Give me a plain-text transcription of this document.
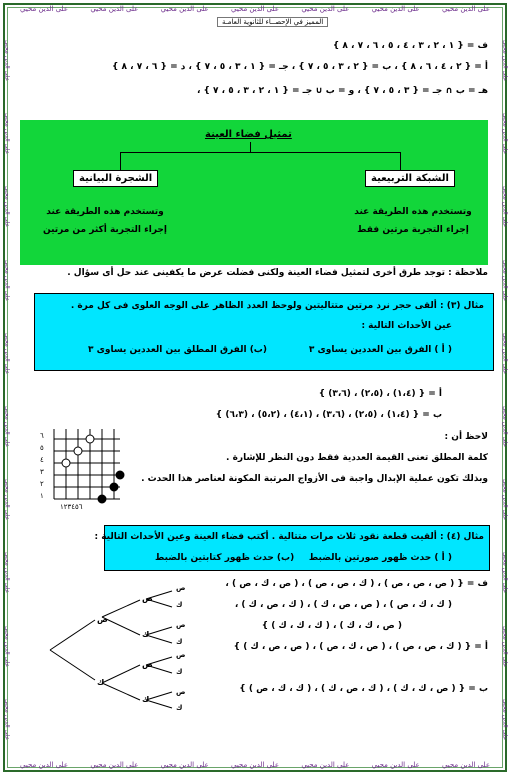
على الدين محيي	على الدين محيي	على الدين محيي	على الدين محيي	على الدين محيي	على الدين محيي	على الدين محيي
على الدين محيي	على الدين محيي	على الدين محيي	على الدين محيي	على الدين محيي	على الدين محيي	على الدين محيي
على الدين محيي
على الدين محيي
على الدين محيي
على الدين محيي
على الدين محيي
على الدين محيي
على الدين محيي
على الدين محيي
على الدين محيي
على الدين محيي
على الدين محيي
على الدين محيي
على الدين محيي
على الدين محيي
على الدين محيي
على الدين محيي
على الدين محيي
على الدين محيي
على الدين محيي
على الدين محيي
المميز في الإحصــاء للثانوية العامـة
ف = { ١ ، ٢ ، ٣ ، ٤ ، ٥ ، ٦ ، ٧ ، ٨ }
أ = { ٢ ، ٤ ، ٦ ، ٨ } ، ب = { ٢ ، ٣ ، ٥ ، ٧ } ، جـ = { ١ ، ٣ ، ٥ ، ٧ } ، د = { ٦ ، ٧ ، ٨ }
هـ = ب ∩ جـ = { ٣ ، ٥ ، ٧ } ، و = ب ∪ جـ = { ١ ، ٢ ، ٣ ، ٥ ، ٧ } ،
تمثيل فضاء العينة
الشجرة البيانية	الشبكة التربيعية
وتستخدم هذه الطريقة عند إجراء التجربة أكثر من مرتين
وتستخدم هذه الطريقة عند إجراء التجربة مرتين فقط
ملاحظة : توجد طرق أخرى لتمثيل فضاء العينة ولكنى فضلت عرض ما يكفينى عند حل أى سؤال .
مثال (٣) : ألقى حجر نرد مرتين متتاليتين ولوحظ العدد الظاهر على الوجه العلوى فى كل مرة .
عين الأحداث التالية :
( أ ) الفرق بين العددين يساوى ٣
(ب) الفرق المطلق بين العددين يساوى ٣
أ = { (١،٤) ، (٢،٥) ، (٣،٦) }
ب = { (١،٤) ، (٢،٥) ، (٣،٦) ، (٤،١) ، (٥،٢) ، (٦،٣) }
لاحظ أن :
كلمة المطلق تعنى القيمة العددية فقط دون النظر للإشارة .
وبذلك تكون عملية الإبدال واجبة فى الأزواج المرتبة المكونة لعناصر هذا الحدث .
٦
٥
٤
٣
٢
١
١٢٣٤٥٦
مثال (٤) : ألقيت قطعة نقود ثلاث مرات متتالية . أكتب فضاء العينة وعين الأحداث التالية :
( أ ) حدث ظهور صورتين بالضبط
(ب) حدث ظهور كتابتين بالضبط
ف = { ( ص ، ص ، ص ) ، ( ك ، ص ، ص ) ، ( ص ، ك ، ص ) ،
( ك ، ك ، ص ) ، ( ص ، ص ، ك ) ، ( ك ، ص ، ك ) ،
( ص ، ك ، ك ) ، ( ك ، ك ، ك ) }
أ = { ( ك ، ص ، ص ) ، ( ص ، ك ، ص ) ، ( ص ، ص ، ك ) }
ب = { ( ص ، ك ، ك ) ، ( ك ، ص ، ك ) ، ( ك ، ك ، ص ) }
ص
ك
ص
ك
ص
ك
ص
ك
ص
ك
ص
ك
ص
ك
